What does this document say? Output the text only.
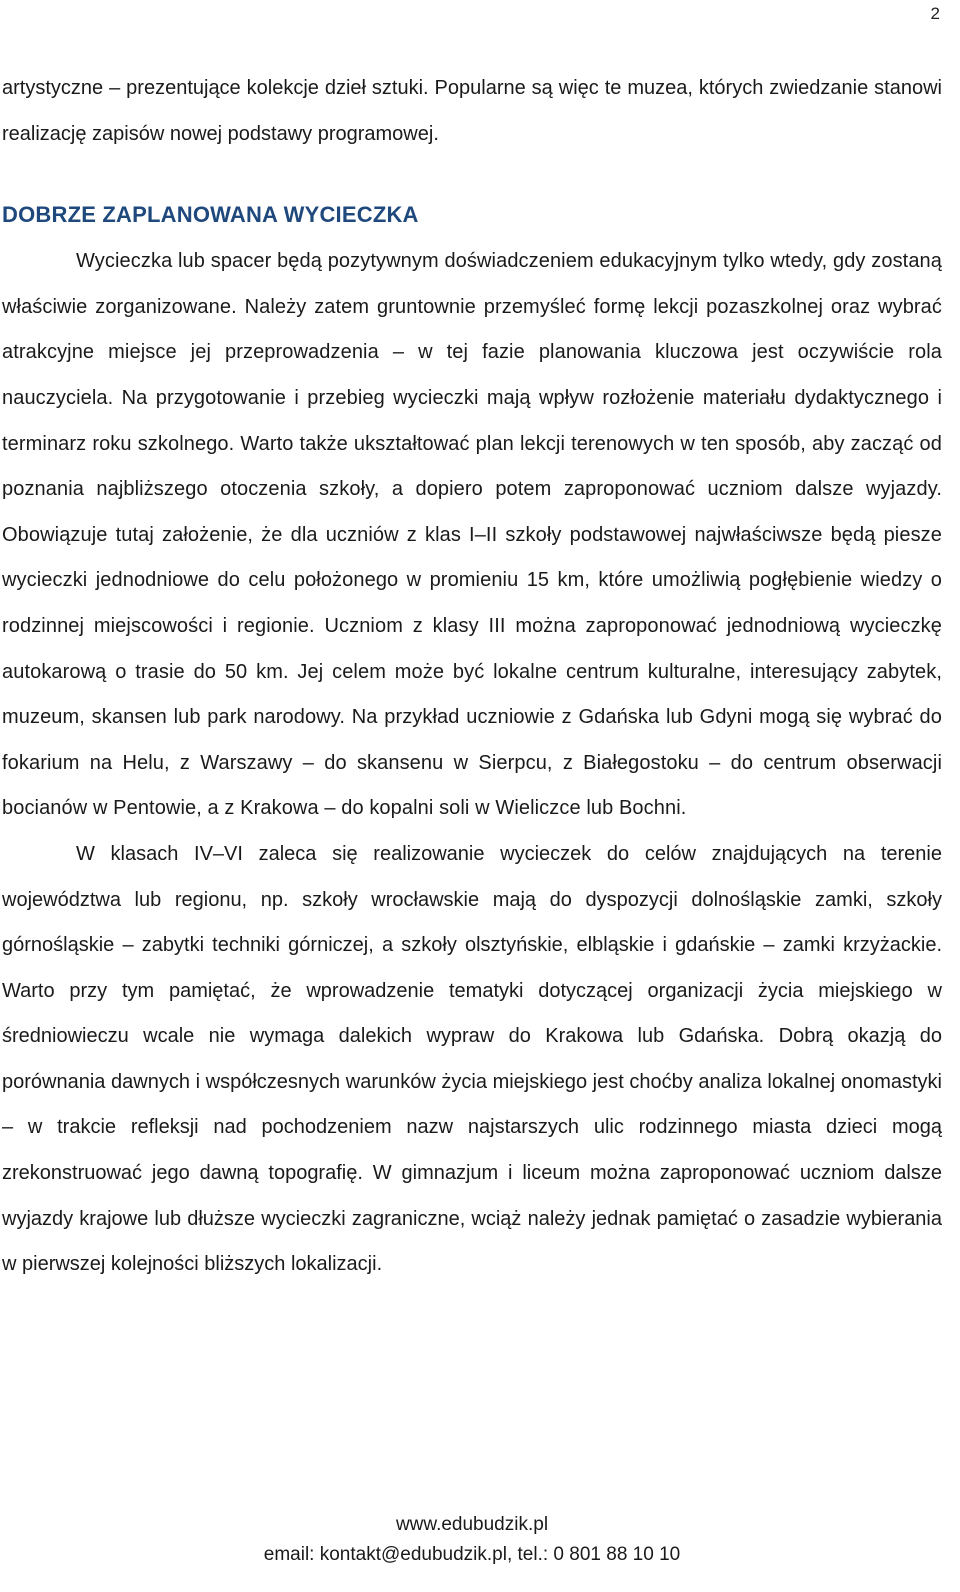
2

artystyczne – prezentujące kolekcje dzieł sztuki. Popularne są więc te muzea, których zwiedzanie stanowi realizację zapisów nowej podstawy programowej.

DOBRZE ZAPLANOWANA WYCIECZKA

Wycieczka lub spacer będą pozytywnym doświadczeniem edukacyjnym tylko wtedy, gdy zostaną właściwie zorganizowane. Należy zatem gruntownie przemyśleć formę lekcji pozaszkolnej oraz wybrać atrakcyjne miejsce jej przeprowadzenia – w tej fazie planowania kluczowa jest oczywiście rola nauczyciela. Na przygotowanie i przebieg wycieczki mają wpływ rozłożenie materiału dydaktycznego i terminarz roku szkolnego. Warto także ukształtować plan lekcji terenowych w ten sposób, aby zacząć od poznania najbliższego otoczenia szkoły, a dopiero potem zaproponować uczniom dalsze wyjazdy. Obowiązuje tutaj założenie, że dla uczniów z klas I–II szkoły podstawowej najwłaściwsze będą piesze wycieczki jednodniowe do celu położonego w promieniu 15 km, które umożliwią pogłębienie wiedzy o rodzinnej miejscowości i regionie. Uczniom z klasy III można zaproponować jednodniową wycieczkę autokarową o trasie do 50 km. Jej celem może być lokalne centrum kulturalne, interesujący zabytek, muzeum, skansen lub park narodowy. Na przykład uczniowie z Gdańska lub Gdyni mogą się wybrać do fokarium na Helu, z Warszawy – do skansenu w Sierpcu, z Białegostoku – do centrum obserwacji bocianów w Pentowie, a z Krakowa – do kopalni soli w Wieliczce lub Bochni.

W klasach IV–VI zaleca się realizowanie wycieczek do celów znajdujących na terenie województwa lub regionu, np. szkoły wrocławskie mają do dyspozycji dolnośląskie zamki, szkoły górnośląskie – zabytki techniki górniczej, a szkoły olsztyńskie, elbląskie i gdańskie – zamki krzyżackie. Warto przy tym pamiętać, że wprowadzenie tematyki dotyczącej organizacji życia miejskiego w średniowieczu wcale nie wymaga dalekich wypraw do Krakowa lub Gdańska. Dobrą okazją do porównania dawnych i współczesnych warunków życia miejskiego jest choćby analiza lokalnej onomastyki – w trakcie refleksji nad pochodzeniem nazw najstarszych ulic rodzinnego miasta dzieci mogą zrekonstruować jego dawną topografię. W gimnazjum i liceum można zaproponować uczniom dalsze wyjazdy krajowe lub dłuższe wycieczki zagraniczne, wciąż należy jednak pamiętać o zasadzie wybierania w pierwszej kolejności bliższych lokalizacji.

www.edubudzik.pl
email: kontakt@edubudzik.pl, tel.: 0 801 88 10 10
